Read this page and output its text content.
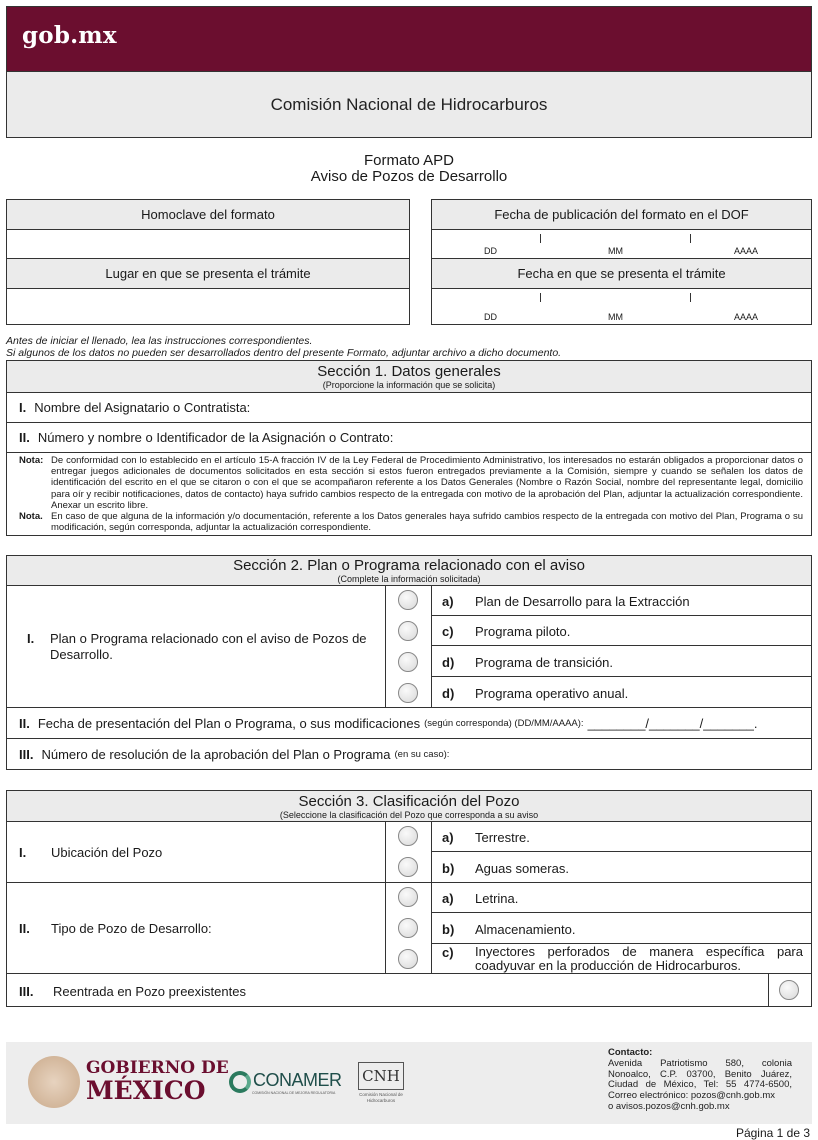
gob.mx
Comisión Nacional de Hidrocarburos
Formato APD
Aviso de Pozos de Desarrollo
Homoclave del formato
Lugar en que se presenta el trámite
Fecha de publicación del formato en el DOF
DD	MM	AAAA
Fecha en que se presenta el trámite
DD	MM	AAAA
Antes de iniciar el llenado, lea las instrucciones correspondientes.
Si algunos de los datos no pueden ser desarrollados dentro del presente Formato, adjuntar archivo a dicho documento.
Sección 1. Datos generales
(Proporcione la información que se solicita)
I. Nombre del Asignatario o Contratista:
II. Número y nombre o Identificador de la Asignación o Contrato:
Nota: De conformidad con lo establecido en el artículo 15-A fracción IV de la Ley Federal de Procedimiento Administrativo, los interesados no estarán obligados a proporcionar datos o entregar juegos adicionales de documentos solicitados en esta sección si estos fueron entregados previamente a la Comisión, siempre y cuando se señalen los datos de identificación del escrito en el que se citaron o con el que se acompañaron referente a los Datos Generales (Nombre o Razón Social, nombre del representante legal, domicilio para oír y recibir notificaciones, datos de contacto) haya sufrido cambios respecto de la entregada con motivo de la aprobación del Plan, adjuntar la actualización correspondiente. Anexar un escrito libre.
Nota. En caso de que alguna de la información y/o documentación, referente a los Datos generales haya sufrido cambios respecto de la entregada con motivo del Plan, Programa o su modificación, según corresponda, adjuntar la actualización correspondiente.
Sección 2. Plan o Programa relacionado con el aviso
(Complete la información solicitada)
I. Plan o Programa relacionado con el aviso de Pozos de Desarrollo.
a) Plan de Desarrollo para la Extracción
c) Programa piloto.
d) Programa de transición.
d) Programa operativo anual.
II. Fecha de presentación del Plan o Programa, o sus modificaciones (según corresponda) (DD/MM/AAAA): ________/_______/_______.
III. Número de resolución de la aprobación del Plan o Programa (en su caso):
Sección 3. Clasificación del Pozo
(Seleccione la clasificación del Pozo que corresponda a su aviso
I. Ubicación del Pozo
a) Terrestre.
b) Aguas someras.
II. Tipo de Pozo de Desarrollo:
a) Letrina.
b) Almacenamiento.
c) Inyectores perforados de manera específica para coadyuvar en la producción de Hidrocarburos.
III. Reentrada en Pozo preexistentes
GOBIERNO DE
MÉXICO	CONAMER
COMISIÓN NACIONAL DE MEJORA REGULATORIA
CNH
Comisión Nacional de Hidrocarburos
Contacto:
Avenida Patriotismo 580, colonia
Nonoalco, C.P. 03700, Benito Juárez,
Ciudad de México, Tel: 55 4774-6500,
Correo electrónico: pozos@cnh.gob.mx
o avisos.pozos@cnh.gob.mx
Página 1 de 3
